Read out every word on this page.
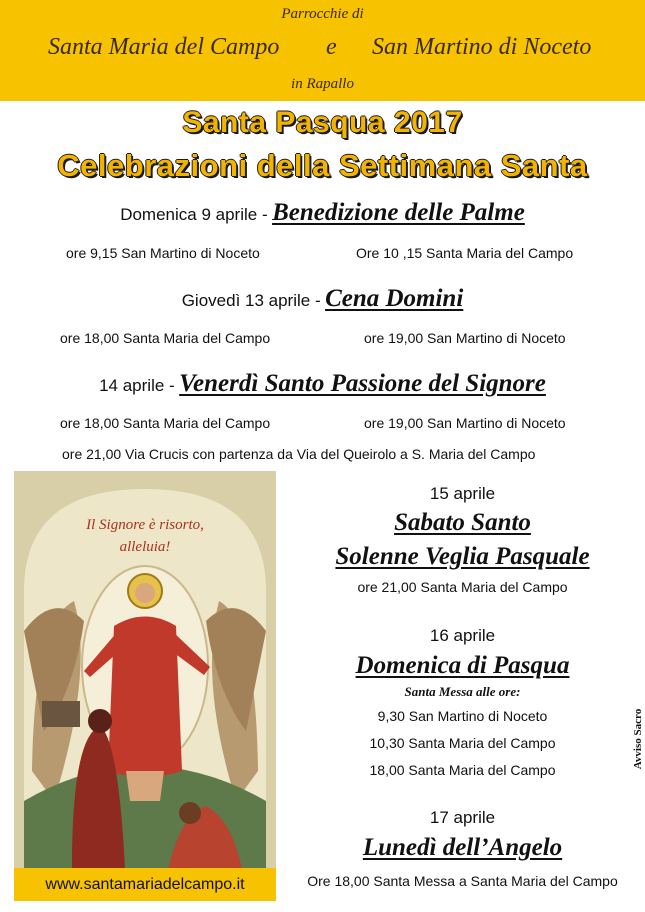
Parrocchie di
Santa Maria del Campo e San Martino di Noceto
in Rapallo
Santa Pasqua 2017
Celebrazioni della Settimana Santa
Domenica 9 aprile - Benedizione delle Palme
ore 9,15 San Martino di Noceto	Ore 10 ,15 Santa Maria del Campo
Giovedì 13 aprile - Cena Domini
ore 18,00 Santa Maria del Campo	ore 19,00 San Martino di Noceto
14 aprile - Venerdì Santo Passione del Signore
ore 18,00 Santa Maria del Campo	ore 19,00 San Martino di Noceto
ore 21,00 Via Crucis con partenza da Via del Queirolo a S. Maria del Campo
Il Signore è risorto,
alleluia!
www.santamariadelcampo.it
15 aprile
Sabato Santo
Solenne Veglia Pasquale
ore 21,00 Santa Maria del Campo
16 aprile
Domenica di Pasqua
Santa Messa alle ore:
9,30 San Martino di Noceto
10,30 Santa Maria del Campo
18,00 Santa Maria del Campo
17 aprile
Lunedì dell’Angelo
Ore 18,00 Santa Messa a Santa Maria del Campo
Avviso Sacro
